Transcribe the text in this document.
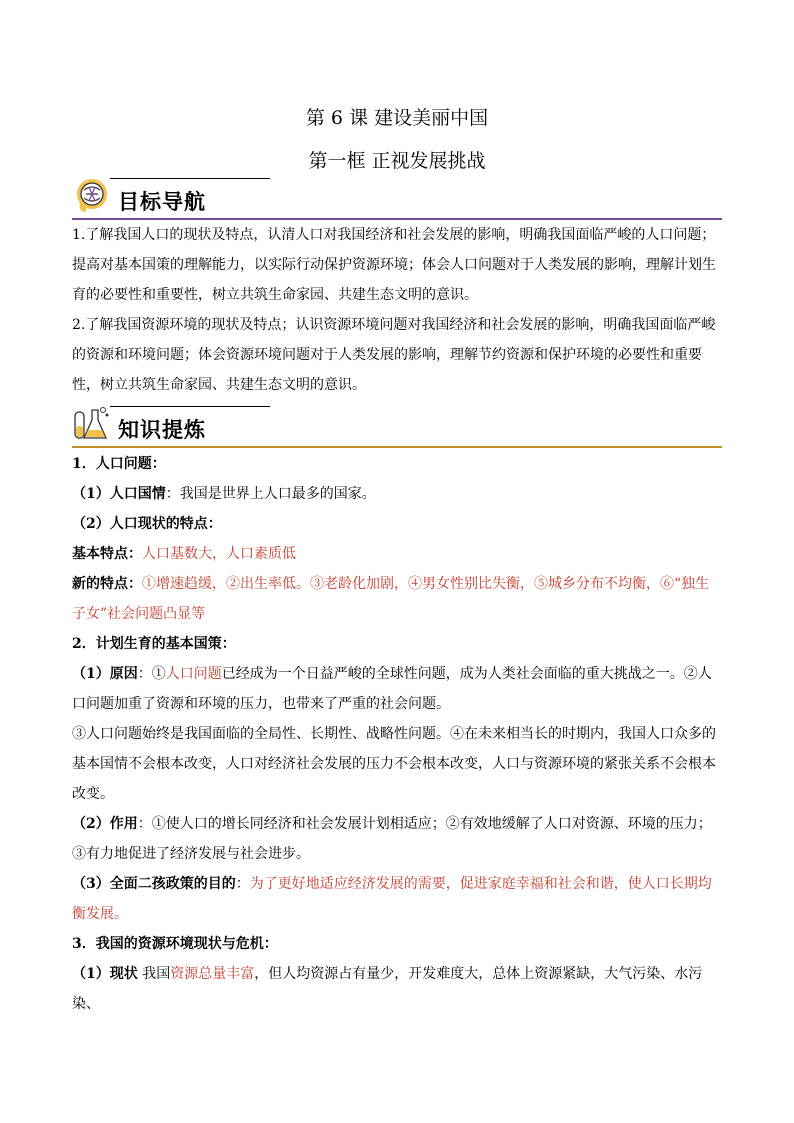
第 6 课 建设美丽中国
第一框 正视发展挑战
目标导航

1.了解我国人口的现状及特点，认清人口对我国经济和社会发展的影响，明确我国面临严峻的人口问题；提高对基本国策的理解能力，以实际行动保护资源环境；体会人口问题对于人类发展的影响，理解计划生育的必要性和重要性，树立共筑生命家园、共建生态文明的意识。

2.了解我国资源环境的现状及特点；认识资源环境问题对我国经济和社会发展的影响，明确我国面临严峻的资源和环境问题；体会资源环境问题对于人类发展的影响，理解节约资源和保护环境的必要性和重要性，树立共筑生命家园、共建生态文明的意识。

知识提炼

1．人口问题：

（1）人口国情：我国是世界上人口最多的国家。

（2）人口现状的特点：

基本特点：人口基数大，人口素质低

新的特点：①增速趋缓，②出生率低。③老龄化加剧，④男女性别比失衡，⑤城乡分布不均衡，⑥“独生子女”社会问题凸显等

2．计划生育的基本国策：

（1）原因：①人口问题已经成为一个日益严峻的全球性问题，成为人类社会面临的重大挑战之一。②人口问题加重了资源和环境的压力，也带来了严重的社会问题。

③人口问题始终是我国面临的全局性、长期性、战略性问题。④在未来相当长的时期内，我国人口众多的基本国情不会根本改变，人口对经济社会发展的压力不会根本改变，人口与资源环境的紧张关系不会根本改变。

（2）作用：①使人口的增长同经济和社会发展计划相适应；②有效地缓解了人口对资源、环境的压力；③有力地促进了经济发展与社会进步。

（3）全面二孩政策的目的：为了更好地适应经济发展的需要，促进家庭幸福和社会和谐，使人口长期均衡发展。

3．我国的资源环境现状与危机：

（1）现状 我国资源总量丰富，但人均资源占有量少，开发难度大，总体上资源紧缺，大气污染、水污染、
